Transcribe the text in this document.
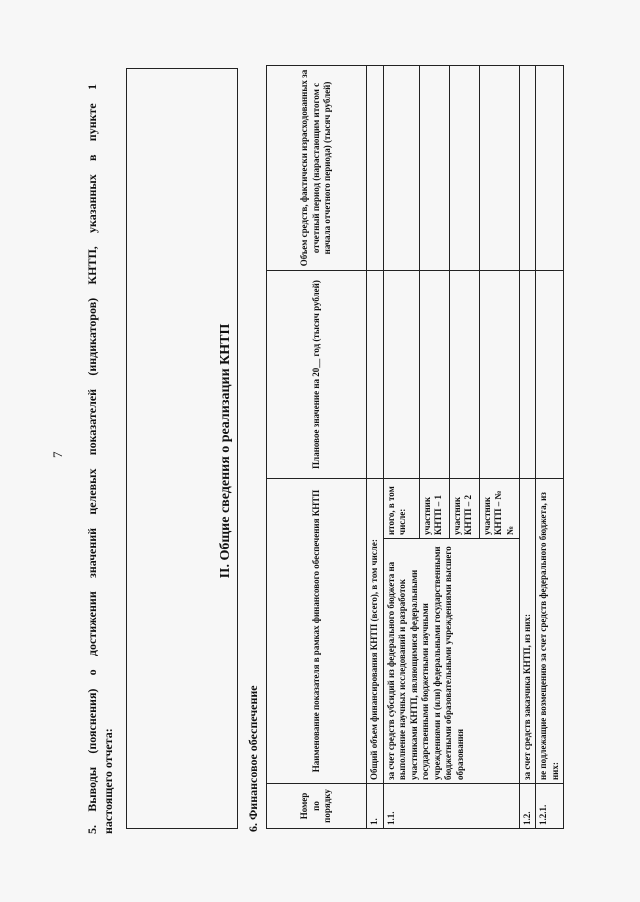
7 5. Выводы (пояснения) о достижении значений целевых показателей (индикаторов) КНТП, указанных в пункте 1 настоящего отчета:
II. Общие сведения о реализации КНТП
6. Финансовое обеспечение	Номер по порядку	Наименование показателя в рамках финансового обеспечения КНТП		Плановое значение на 20__ год (тысяч рублей)	Объем средств, фактически израсходованных за отчетный период (нарастающим итогом с начала отчетного периода) (тысяч рублей)
1.	Общий объем финансирования КНТП (всего), в том числе:			
1.1.	за счет средств субсидий из федерального бюджета на выполнение научных исследований и разработок участниками КНТП, являющимися федеральными государственными бюджетными научными учреждениями и (или) федеральными государственными бюджетными образовательными учреждениями высшего образования	итого, в том числе:		
		участник КНТП – 1		
		участник КНТП – 2		
		участник КНТП – №№		
1.2.	за счет средств заказчика КНТП, из них:			
1.2.1.	не подлежащие возмещению за счет средств федерального бюджета, из них:			
